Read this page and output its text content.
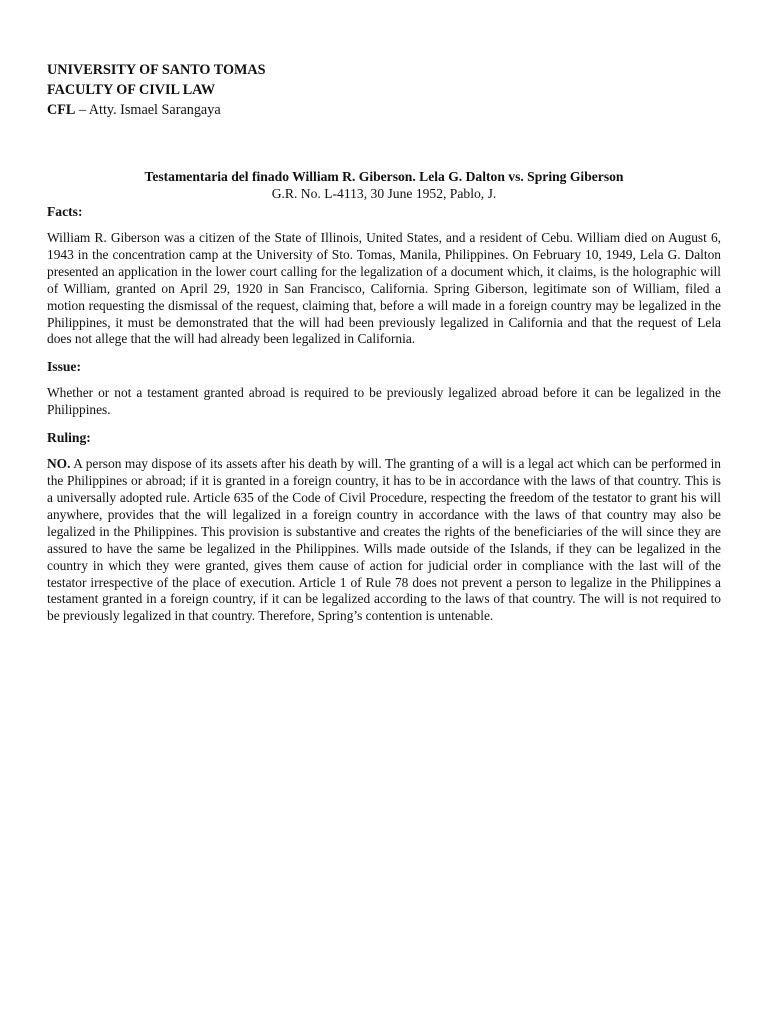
UNIVERSITY OF SANTO TOMAS

FACULTY OF CIVIL LAW

CFL – Atty. Ismael Sarangaya

Testamentaria del finado William R. Giberson. Lela G. Dalton vs. Spring Giberson
G.R. No. L-4113, 30 June 1952, Pablo, J.
Facts:

William R. Giberson was a citizen of the State of Illinois, United States, and a resident of Cebu. William died on August 6, 1943 in the concentration camp at the University of Sto. Tomas, Manila, Philippines. On February 10, 1949, Lela G. Dalton presented an application in the lower court calling for the legalization of a document which, it claims, is the holographic will of William, granted on April 29, 1920 in San Francisco, California. Spring Giberson, legitimate son of William, filed a motion requesting the dismissal of the request, claiming that, before a will made in a foreign country may be legalized in the Philippines, it must be demonstrated that the will had been previously legalized in California and that the request of Lela does not allege that the will had already been legalized in California.

Issue:

Whether or not a testament granted abroad is required to be previously legalized abroad before it can be legalized in the Philippines.

Ruling:

NO. A person may dispose of its assets after his death by will. The granting of a will is a legal act which can be performed in the Philippines or abroad; if it is granted in a foreign country, it has to be in accordance with the laws of that country. This is a universally adopted rule. Article 635 of the Code of Civil Procedure, respecting the freedom of the testator to grant his will anywhere, provides that the will legalized in a foreign country in accordance with the laws of that country may also be legalized in the Philippines. This provision is substantive and creates the rights of the beneficiaries of the will since they are assured to have the same be legalized in the Philippines. Wills made outside of the Islands, if they can be legalized in the country in which they were granted, gives them cause of action for judicial order in compliance with the last will of the testator irrespective of the place of execution. Article 1 of Rule 78 does not prevent a person to legalize in the Philippines a testament granted in a foreign country, if it can be legalized according to the laws of that country. The will is not required to be previously legalized in that country. Therefore, Spring’s contention is untenable.
